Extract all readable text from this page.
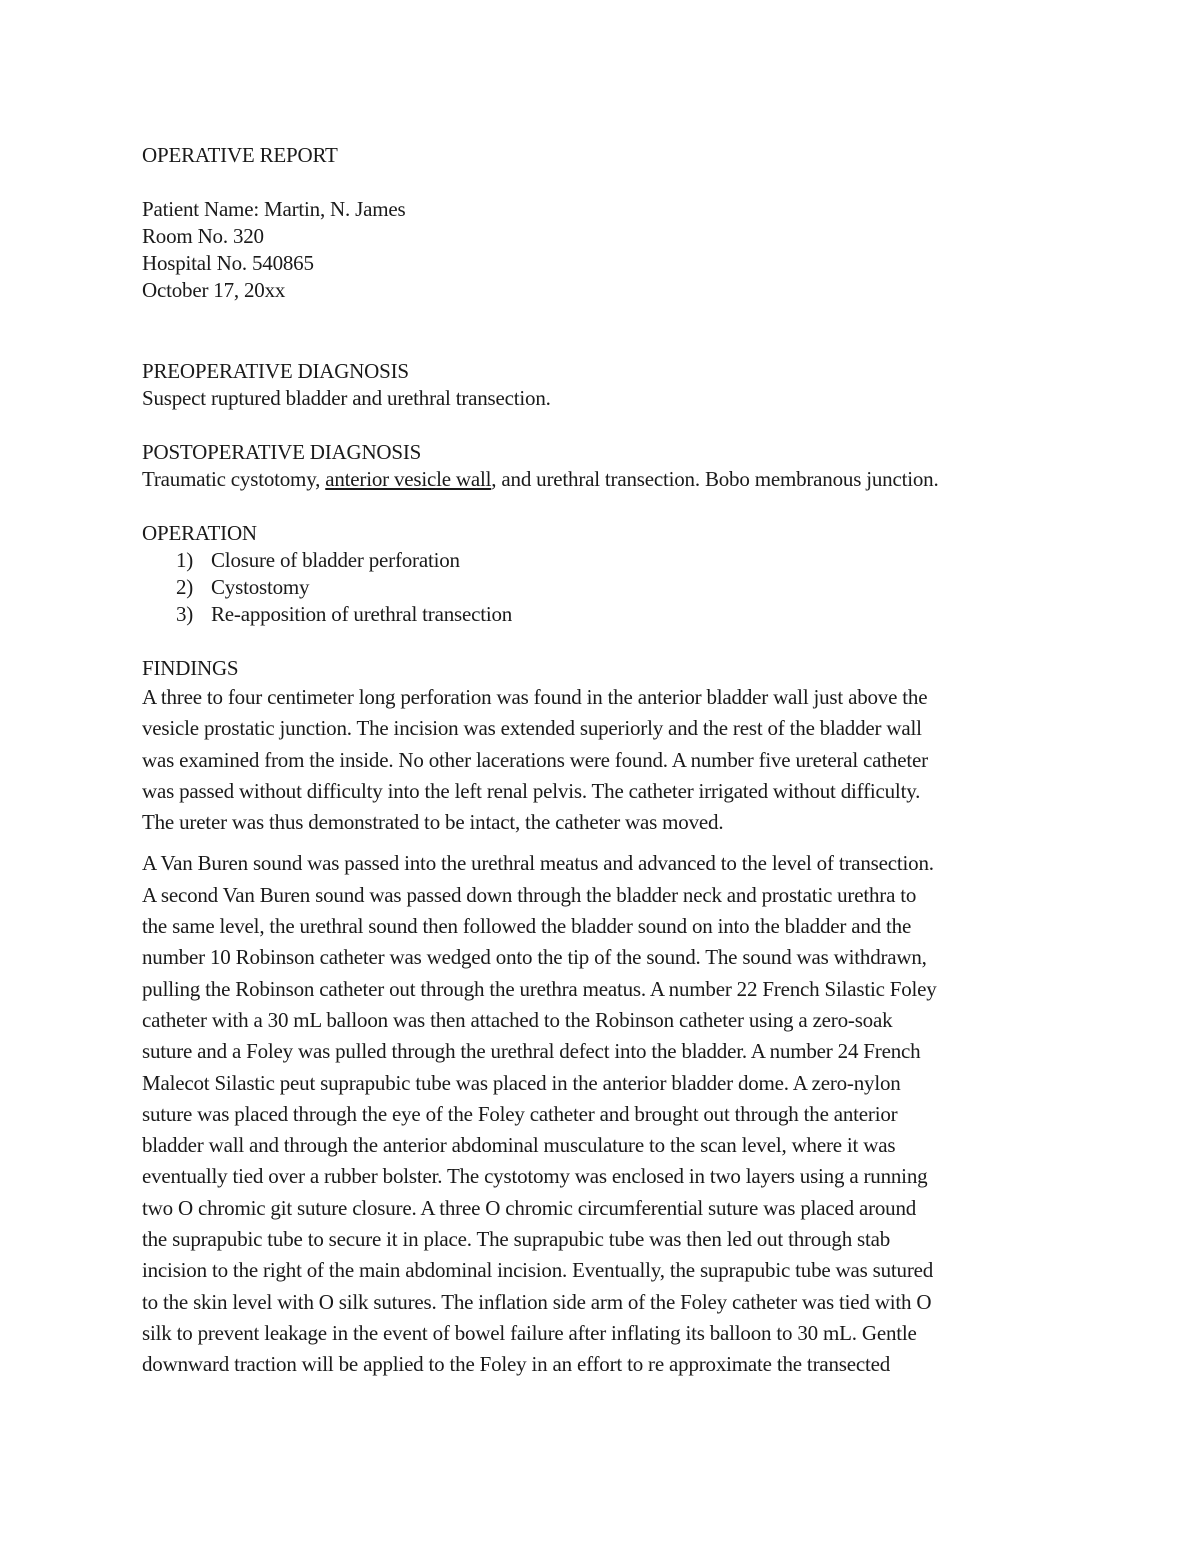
OPERATIVE REPORT
Patient Name: Martin, N. James
Room No. 320
Hospital No. 540865
October 17, 20xx
PREOPERATIVE DIAGNOSIS
Suspect ruptured bladder and urethral transection.
POSTOPERATIVE DIAGNOSIS
Traumatic cystotomy, anterior vesicle wall, and urethral transection. Bobo membranous junction.
OPERATION
1) Closure of bladder perforation
2) Cystostomy
3) Re-apposition of urethral transection
FINDINGS
A three to four centimeter long perforation was found in the anterior bladder wall just above the
vesicle prostatic junction. The incision was extended superiorly and the rest of the bladder wall
was examined from the inside. No other lacerations were found. A number five ureteral catheter
was passed without difficulty into the left renal pelvis. The catheter irrigated without difficulty.
The ureter was thus demonstrated to be intact, the catheter was moved.
A Van Buren sound was passed into the urethral meatus and advanced to the level of transection.
A second Van Buren sound was passed down through the bladder neck and prostatic urethra to
the same level, the urethral sound then followed the bladder sound on into the bladder and the
number 10 Robinson catheter was wedged onto the tip of the sound. The sound was withdrawn,
pulling the Robinson catheter out through the urethra meatus. A number 22 French Silastic Foley
catheter with a 30 mL balloon was then attached to the Robinson catheter using a zero-soak
suture and a Foley was pulled through the urethral defect into the bladder. A number 24 French
Malecot Silastic peut suprapubic tube was placed in the anterior bladder dome. A zero-nylon
suture was placed through the eye of the Foley catheter and brought out through the anterior
bladder wall and through the anterior abdominal musculature to the scan level, where it was
eventually tied over a rubber bolster. The cystotomy was enclosed in two layers using a running
two O chromic git suture closure. A three O chromic circumferential suture was placed around
the suprapubic tube to secure it in place. The suprapubic tube was then led out through stab
incision to the right of the main abdominal incision. Eventually, the suprapubic tube was sutured
to the skin level with O silk sutures. The inflation side arm of the Foley catheter was tied with O
silk to prevent leakage in the event of bowel failure after inflating its balloon to 30 mL. Gentle
downward traction will be applied to the Foley in an effort to re approximate the transected
